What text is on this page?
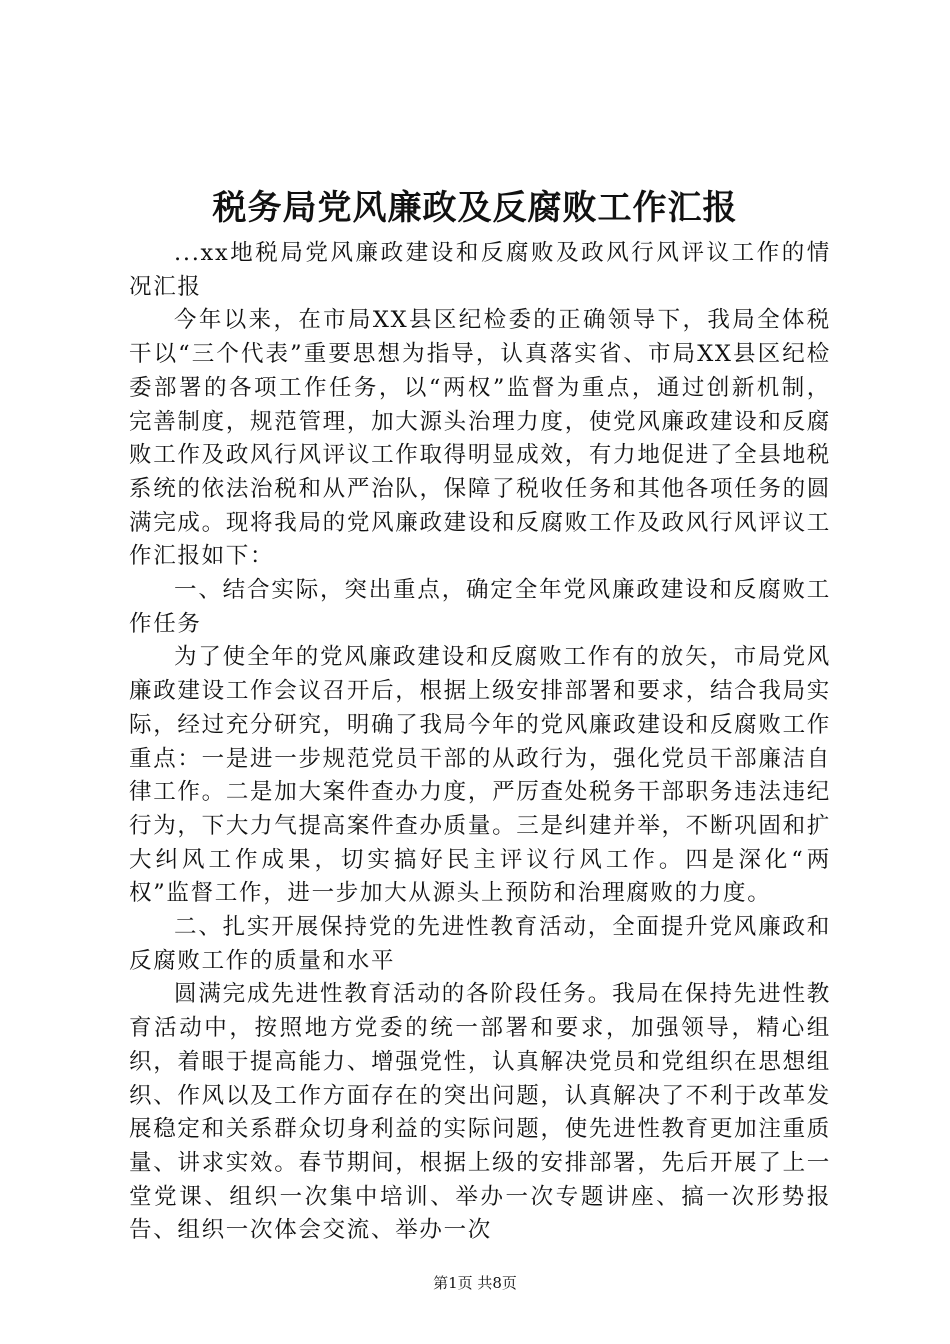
税务局党风廉政及反腐败工作汇报

...xx地税局党风廉政建设和反腐败及政风行风评议工作的情况汇报

今年以来，在市局XX县区纪检委的正确领导下，我局全体税干以“三个代表”重要思想为指导，认真落实省、市局XX县区纪检委部署的各项工作任务，以“两权”监督为重点，通过创新机制，完善制度，规范管理，加大源头治理力度，使党风廉政建设和反腐败工作及政风行风评议工作取得明显成效，有力地促进了全县地税系统的依法治税和从严治队，保障了税收任务和其他各项任务的圆满完成。现将我局的党风廉政建设和反腐败工作及政风行风评议工作汇报如下：

一、结合实际，突出重点，确定全年党风廉政建设和反腐败工作任务

为了使全年的党风廉政建设和反腐败工作有的放矢，市局党风廉政建设工作会议召开后，根据上级安排部署和要求，结合我局实际，经过充分研究，明确了我局今年的党风廉政建设和反腐败工作重点：一是进一步规范党员干部的从政行为，强化党员干部廉洁自律工作。二是加大案件查办力度，严厉查处税务干部职务违法违纪行为，下大力气提高案件查办质量。三是纠建并举，不断巩固和扩大纠风工作成果，切实搞好民主评议行风工作。四是深化“两权”监督工作，进一步加大从源头上预防和治理腐败的力度。

二、扎实开展保持党的先进性教育活动，全面提升党风廉政和反腐败工作的质量和水平

圆满完成先进性教育活动的各阶段任务。我局在保持先进性教育活动中，按照地方党委的统一部署和要求，加强领导，精心组织，着眼于提高能力、增强党性，认真解决党员和党组织在思想组织、作风以及工作方面存在的突出问题，认真解决了不利于改革发展稳定和关系群众切身利益的实际问题，使先进性教育更加注重质量、讲求实效。春节期间，根据上级的安排部署，先后开展了上一堂党课、组织一次集中培训、举办一次专题讲座、搞一次形势报告、组织一次体会交流、举办一次

第1页 共8页
